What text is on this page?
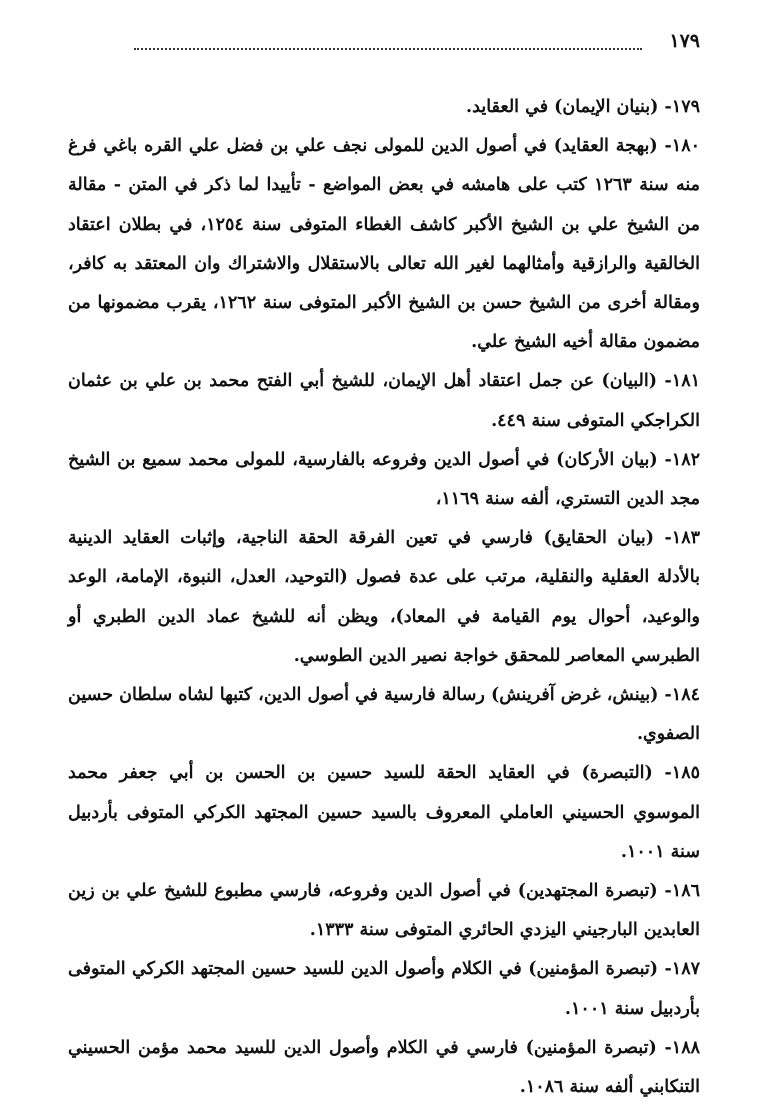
١٧٩

١٧٩- (بنيان الإيمان) في العقايد.

١٨٠- (بهجة العقايد) في أصول الدين للمولى نجف علي بن فضل علي القره باغي فرغ منه سنة ١٢٦٣ كتب على هامشه في بعض المواضع - تأييدا لما ذكر في المتن - مقالة من الشيخ علي بن الشيخ الأكبر كاشف الغطاء المتوفى سنة ١٢٥٤، في بطلان اعتقاد الخالقية والرازقية وأمثالهما لغير الله تعالى بالاستقلال والاشتراك وان المعتقد به كافر، ومقالة أخرى من الشيخ حسن بن الشيخ الأكبر المتوفى سنة ١٢٦٢، يقرب مضمونها من مضمون مقالة أخيه الشيخ علي.

١٨١- (البيان) عن جمل اعتقاد أهل الإيمان، للشيخ أبي الفتح محمد بن علي بن عثمان الكراجكي المتوفى سنة ٤٤٩.

١٨٢- (بيان الأركان) في أصول الدين وفروعه بالفارسية، للمولى محمد سميع بن الشيخ مجد الدين التستري، ألفه سنة ١١٦٩،

١٨٣- (بيان الحقايق) فارسي في تعين الفرقة الحقة الناجية، وإثبات العقايد الدينية بالأدلة العقلية والنقلية، مرتب على عدة فصول (التوحيد، العدل، النبوة، الإمامة، الوعد والوعيد، أحوال يوم القيامة في المعاد)، ويظن أنه للشيخ عماد الدين الطبري أو الطبرسي المعاصر للمحقق خواجة نصير الدين الطوسي.

١٨٤- (بينش، غرض آفرينش) رسالة فارسية في أصول الدين، كتبها لشاه سلطان حسين الصفوي.

١٨٥- (التبصرة) في العقايد الحقة للسيد حسين بن الحسن بن أبي جعفر محمد الموسوي الحسيني العاملي المعروف بالسيد حسين المجتهد الكركي المتوفى بأردبيل سنة ١٠٠١.

١٨٦- (تبصرة المجتهدين) في أصول الدين وفروعه، فارسي مطبوع للشيخ علي بن زين العابدين البارجيني اليزدي الحائري المتوفى سنة ١٣٣٣.

١٨٧- (تبصرة المؤمنين) في الكلام وأصول الدين للسيد حسين المجتهد الكركي المتوفى بأردبيل سنة ١٠٠١.

١٨٨- (تبصرة المؤمنين) فارسي في الكلام وأصول الدين للسيد محمد مؤمن الحسيني التنكابني ألفه سنة ١٠٨٦.
